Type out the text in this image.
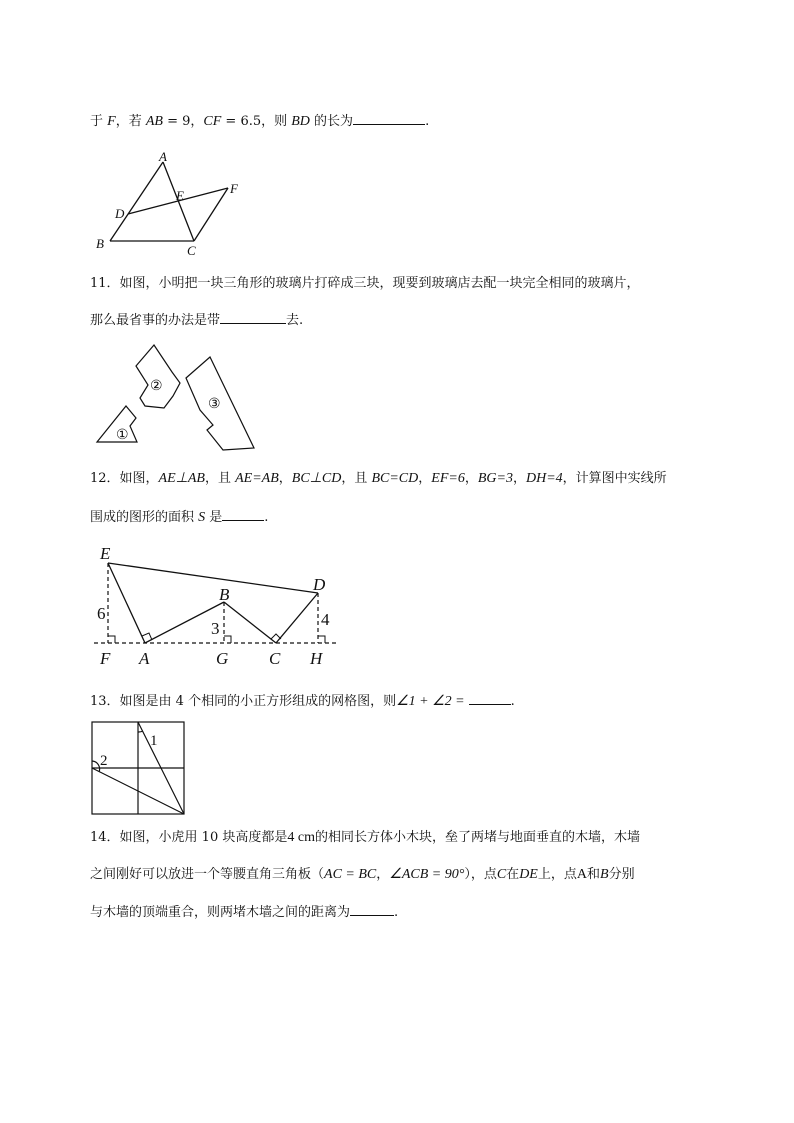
于 F，若 AB = 9，CF = 6.5，则 BD 的长为	.
A
B	C
D
E	F
11．如图，小明把一块三角形的玻璃片打碎成三块，现要到玻璃店去配一块完全相同的玻璃片，
那么最省事的办法是带	去.
①
②
③
12．如图，AE⊥AB，且 AE=AB，BC⊥CD，且 BC=CD，EF=6，BG=3，DH=4，计算图中实线所
围成的图形的面积 S 是	.
E
D
B
F A	G C H
6
3	4
13．如图是由 4 个相同的小正方形组成的网格图，则∠1 + ∠2 =	.
1
2
14．如图，小虎用 10 块高度都是4 cm的相同长方体小木块，垒了两堵与地面垂直的木墙，木墙
之间刚好可以放进一个等腰直角三角板（AC = BC，∠ACB = 90°），点C在DE上，点A和B分别
与木墙的顶端重合，则两堵木墙之间的距离为	.
